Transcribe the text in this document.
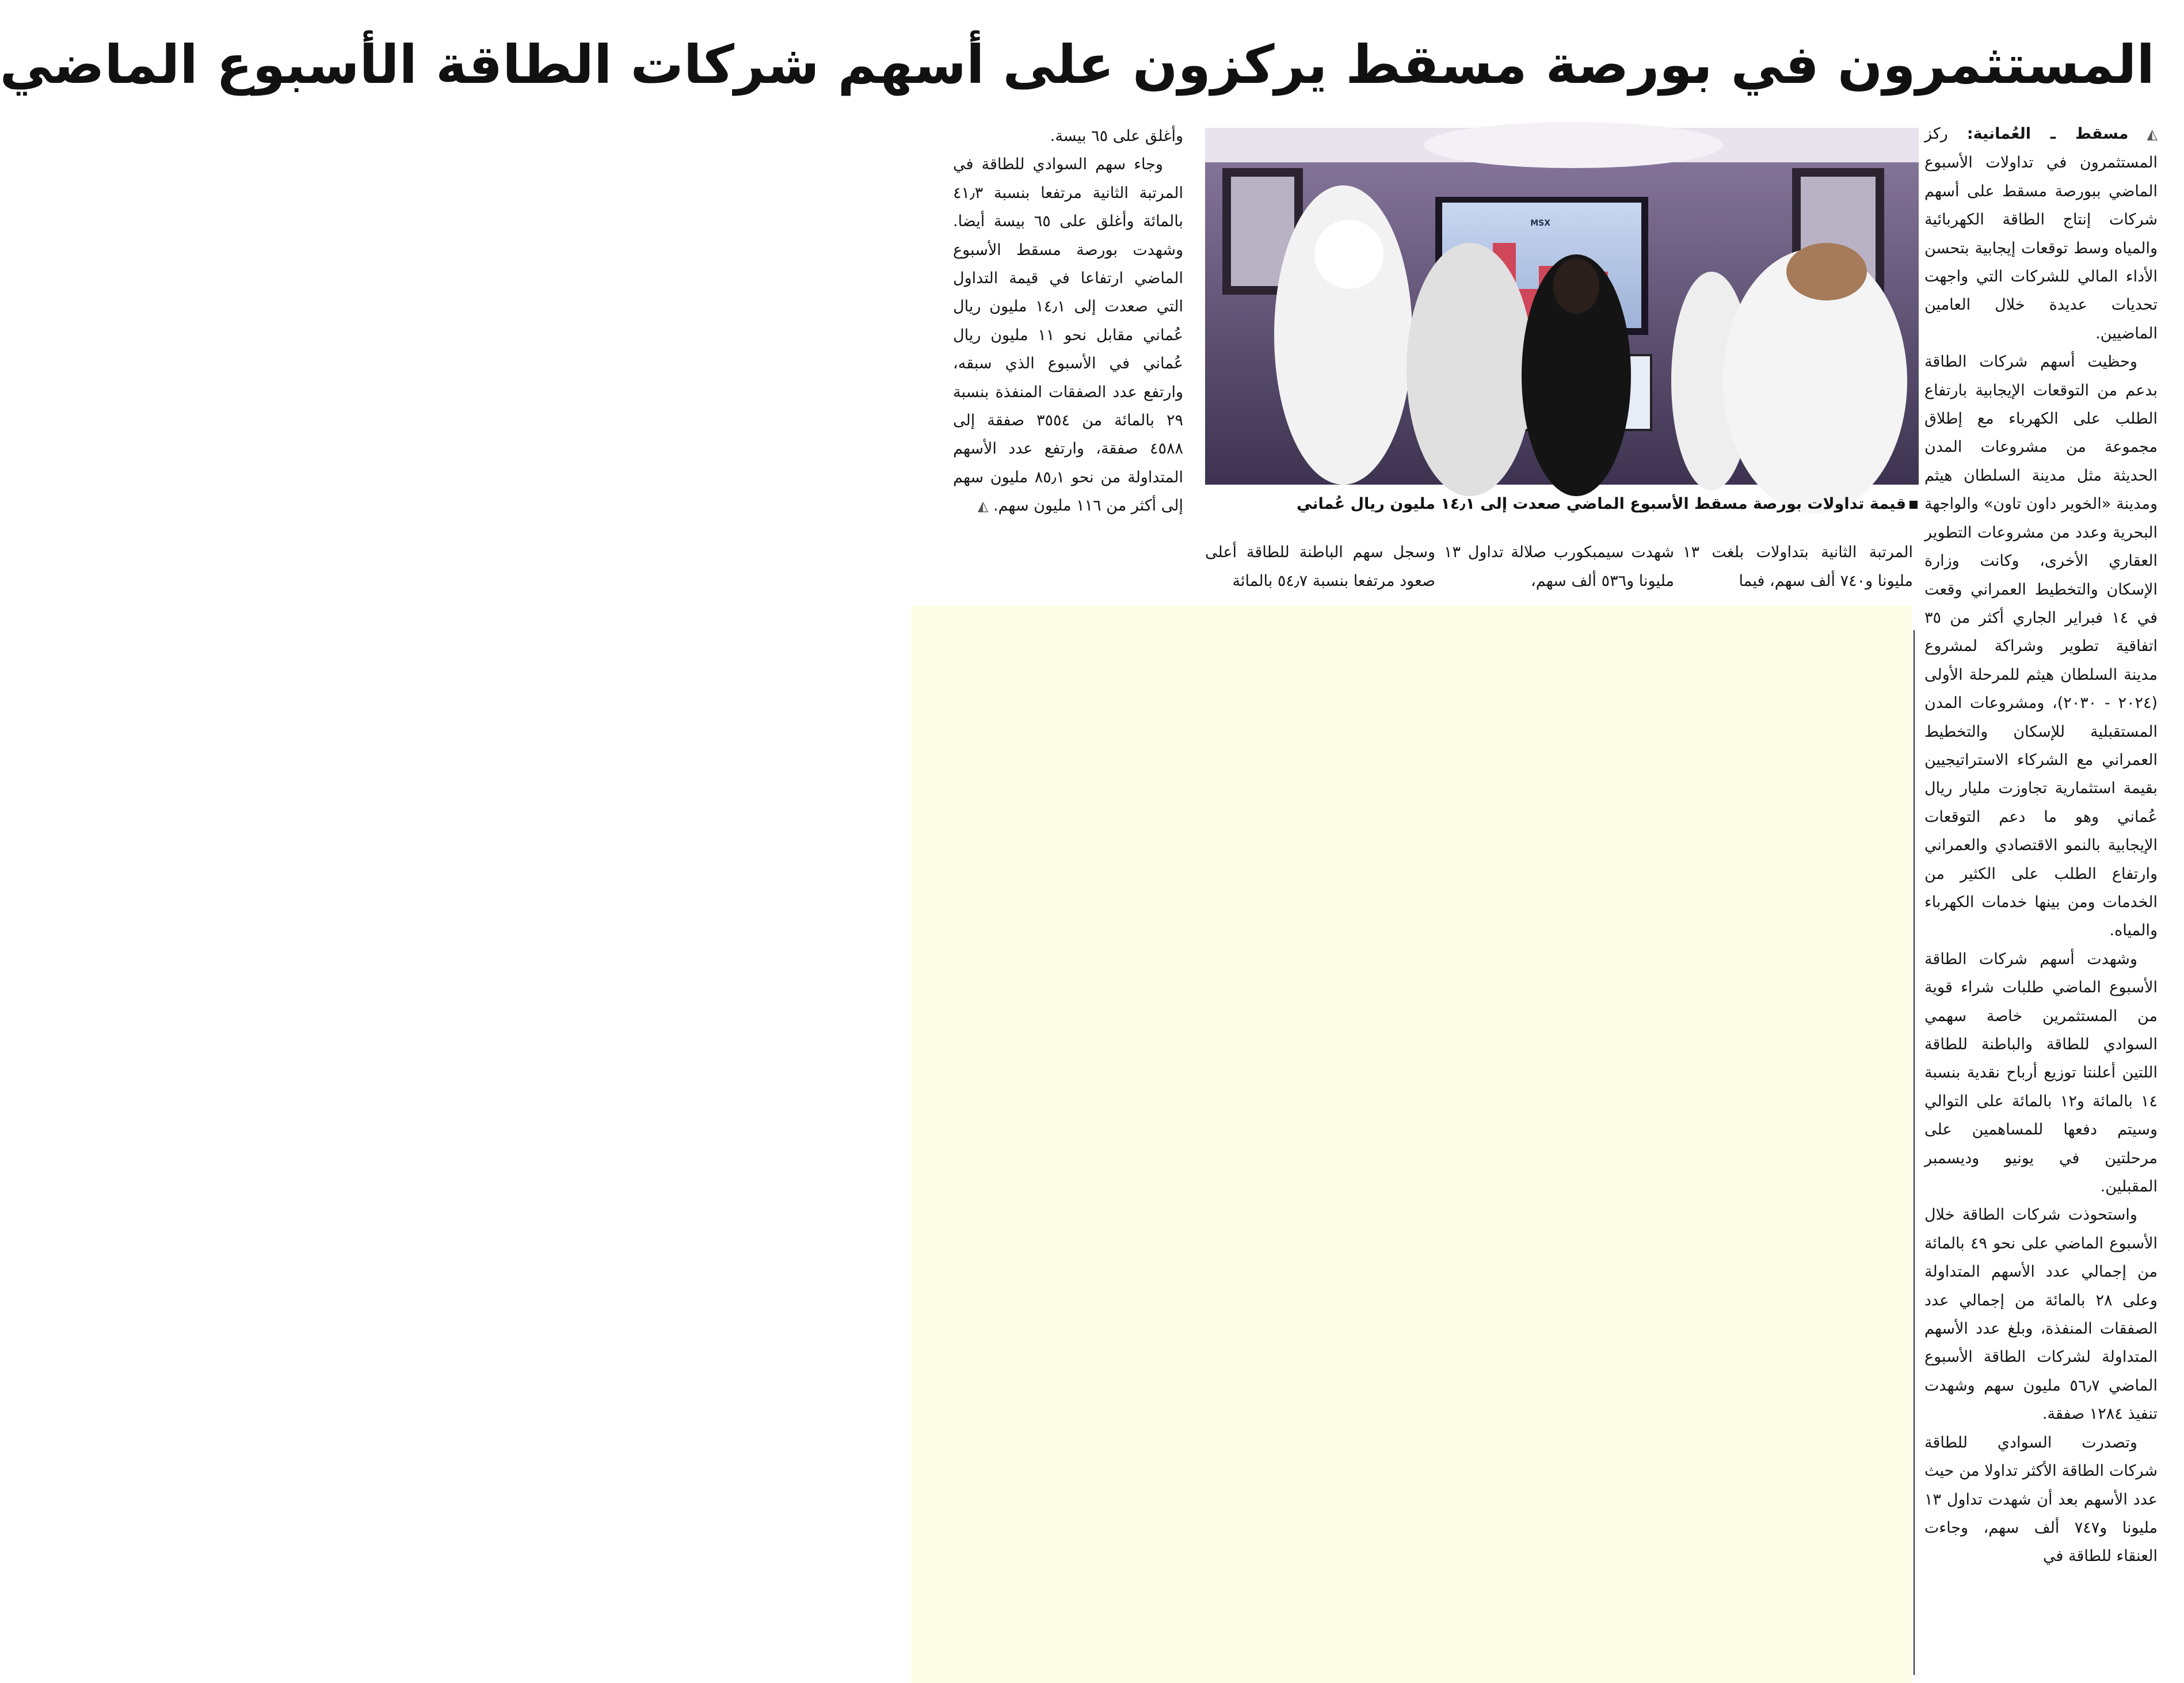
المستثمرون في بورصة مسقط يركزون على أسهم شركات الطاقة الأسبوع الماضي

◭ مسقط ـ العُمانية: ركز المستثمرون في تداولات الأسبوع الماضي ببورصة مسقط على أسهم شركات إنتاج الطاقة الكهربائية والمياه وسط توقعات إيجابية بتحسن الأداء المالي للشركات التي واجهت تحديات عديدة خلال العامين الماضيين.

وحظيت أسهم شركات الطاقة بدعم من التوقعات الإيجابية بارتفاع الطلب على الكهرباء مع إطلاق مجموعة من مشروعات المدن الحديثة مثل مدينة السلطان هيثم ومدينة «الخوير داون تاون» والواجهة البحرية وعدد من مشروعات التطوير العقاري الأخرى، وكانت وزارة الإسكان والتخطيط العمراني وقعت في ١٤ فبراير الجاري أكثر من ٣٥ اتفاقية تطوير وشراكة لمشروع مدينة السلطان هيثم للمرحلة الأولى (٢٠٢٤ - ٢٠٣٠)، ومشروعات المدن المستقبلية للإسكان والتخطيط العمراني مع الشركاء الاستراتيجيين بقيمة استثمارية تجاوزت مليار ريال عُماني وهو ما دعم التوقعات الإيجابية بالنمو الاقتصادي والعمراني وارتفاع الطلب على الكثير من الخدمات ومن بينها خدمات الكهرباء والمياه.

وشهدت أسهم شركات الطاقة الأسبوع الماضي طلبات شراء قوية من المستثمرين خاصة سهمي السوادي للطاقة والباطنة للطاقة اللتين أعلنتا توزيع أرباح نقدية بنسبة ١٤ بالمائة و١٢ بالمائة على التوالي وسيتم دفعها للمساهمين على مرحلتين في يونيو وديسمبر المقبلين.

واستحوذت شركات الطاقة خلال الأسبوع الماضي على نحو ٤٩ بالمائة من إجمالي عدد الأسهم المتداولة وعلى ٢٨ بالمائة من إجمالي عدد الصفقات المنفذة، وبلغ عدد الأسهم المتداولة لشركات الطاقة الأسبوع الماضي ٥٦٫٧ مليون سهم وشهدت تنفيذ ١٢٨٤ صفقة.

وتصدرت السوادي للطاقة شركات الطاقة الأكثر تداولا من حيث عدد الأسهم بعد أن شهدت تداول ١٣ مليونا و٧٤٧ ألف سهم، وجاءت العنقاء للطاقة في

MSX
قيمة تداولات بورصة مسقط الأسبوع الماضي صعدت إلى ١٤٫١ مليون ريال عُماني
المرتبة الثانية بتداولات بلغت ١٣ مليونا و٧٤٠ ألف سهم، فيما
شهدت سيمبكورب صلالة تداول ١٣ مليونا و٥٣٦ ألف سهم،
وسجل سهم الباطنة للطاقة أعلى صعود مرتفعا بنسبة ٥٤٫٧ بالمائة

وأغلق على ٦٥ بيسة.

وجاء سهم السوادي للطاقة في المرتبة الثانية مرتفعا بنسبة ٤١٫٣ بالمائة وأغلق على ٦٥ بيسة أيضا. وشهدت بورصة مسقط الأسبوع الماضي ارتفاعا في قيمة التداول التي صعدت إلى ١٤٫١ مليون ريال عُماني مقابل نحو ١١ مليون ريال عُماني في الأسبوع الذي سبقه، وارتفع عدد الصفقات المنفذة بنسبة ٢٩ بالمائة من ٣٥٥٤ صفقة إلى ٤٥٨٨ صفقة، وارتفع عدد الأسهم المتداولة من نحو ٨٥٫١ مليون سهم إلى أكثر من ١١٦ مليون سهم. ◭
